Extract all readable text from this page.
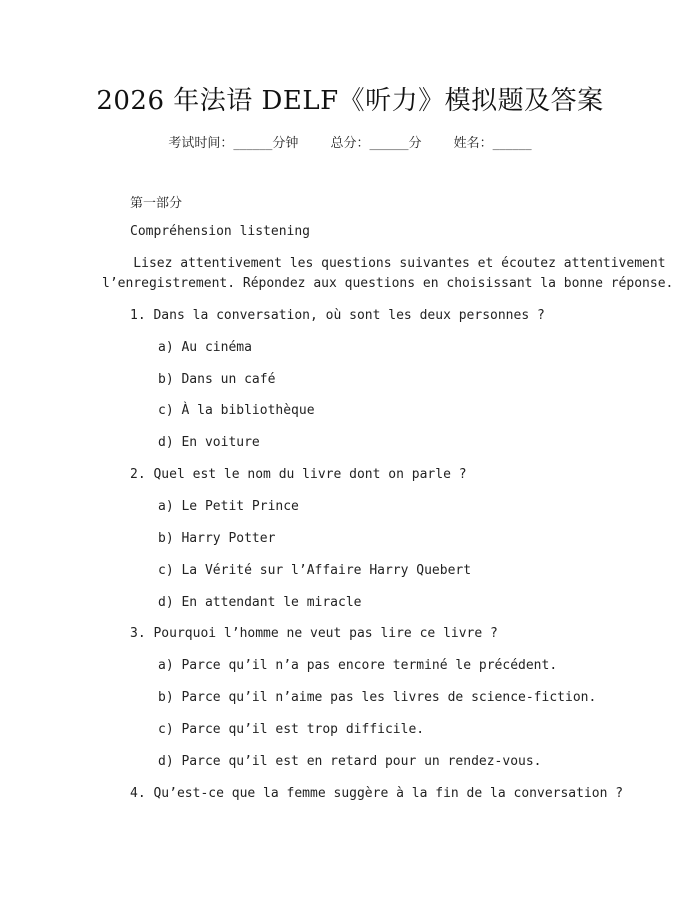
2026 年法语 DELF《听力》模拟题及答案
考试时间：______分钟 总分：______分 姓名：______
第一部分
Compréhension listening
Lisez attentivement les questions suivantes et écoutez attentivement
l’enregistrement. Répondez aux questions en choisissant la bonne réponse.
1. Dans la conversation, où sont les deux personnes ?
a) Au cinéma
b) Dans un café
c) À la bibliothèque
d) En voiture
2. Quel est le nom du livre dont on parle ?
a) Le Petit Prince
b) Harry Potter
c) La Vérité sur l’Affaire Harry Quebert
d) En attendant le miracle
3. Pourquoi l’homme ne veut pas lire ce livre ?
a) Parce qu’il n’a pas encore terminé le précédent.
b) Parce qu’il n’aime pas les livres de science-fiction.
c) Parce qu’il est trop difficile.
d) Parce qu’il est en retard pour un rendez-vous.
4. Qu’est-ce que la femme suggère à la fin de la conversation ?
